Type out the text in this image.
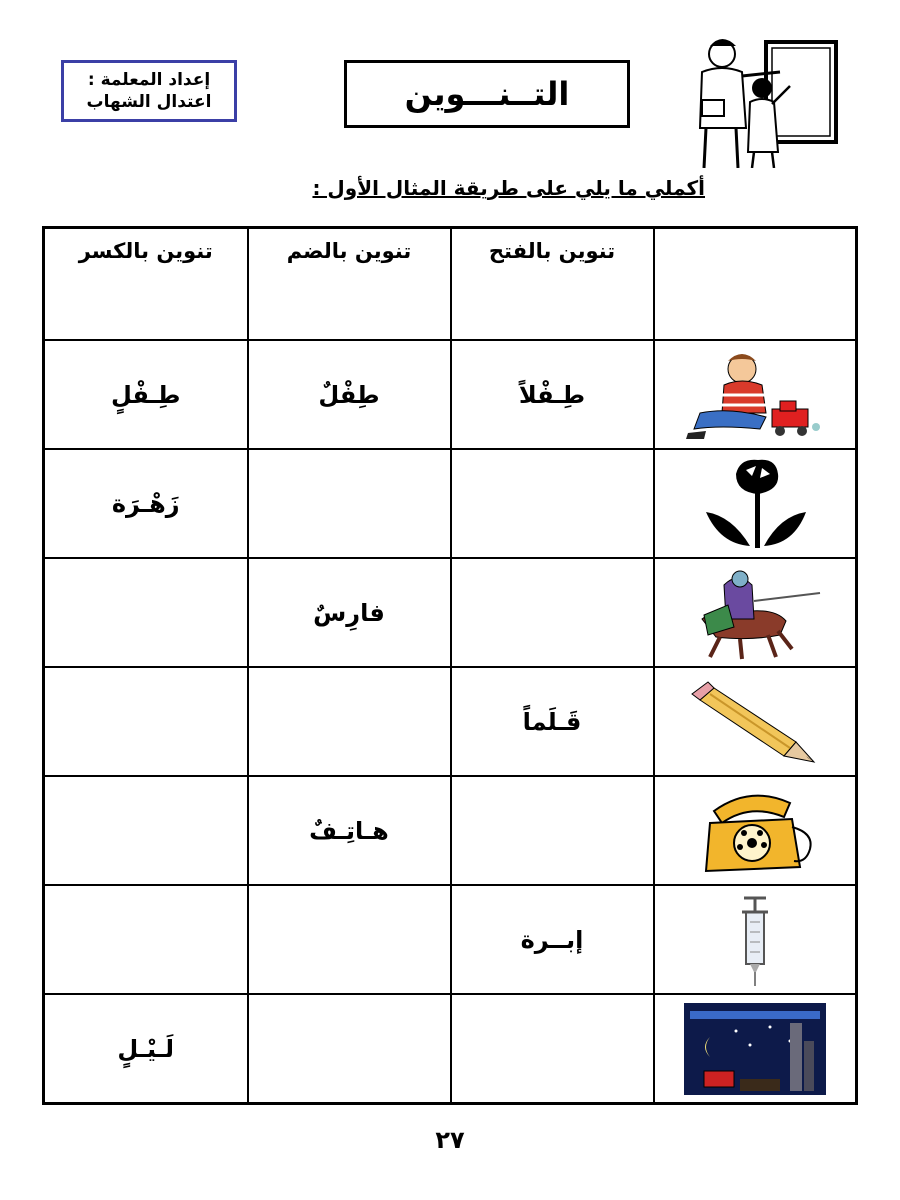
إعداد المعلمة :
اعتدال الشهاب	التــنـــوين
أكملي ما يلي على طريقة المثال الأول :
	تنوين بالفتح	تنوين بالضم	تنوين بالكسر

	طِـفْلاً	طِفْلٌ	طِـفْلٍ

			زَهْـرَة

		فارِسٌ	

	قَـلَماً		

		هـاتِـفٌ	

	إبــرة		

			لَـيْـلٍ
٢٧
